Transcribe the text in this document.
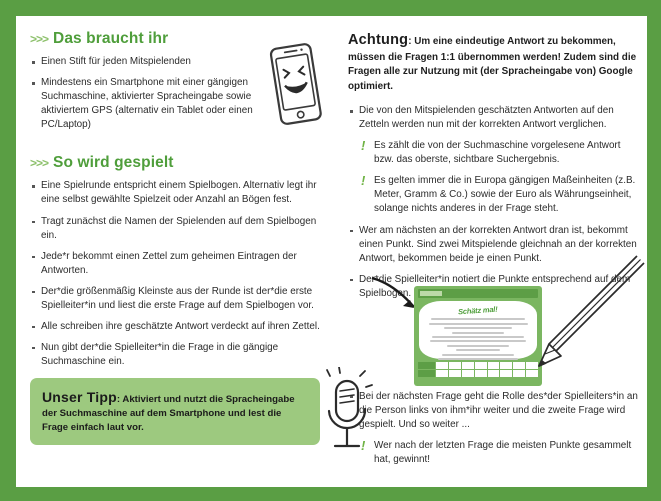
>>> Das braucht ihr
Einen Stift für jeden Mitspielenden
Mindestens ein Smartphone mit einer gängigen Suchmaschine, aktivierter Spracheingabe sowie aktiviertem GPS (alternativ ein Tablet oder einen PC/Laptop)
>>> So wird gespielt
Eine Spielrunde entspricht einem Spielbogen. Alternativ legt ihr eine selbst gewählte Spielzeit oder Anzahl an Bögen fest.
Tragt zunächst die Namen der Spielenden auf dem Spielbogen ein.
Jede*r bekommt einen Zettel zum geheimen Eintragen der Antworten.
Der*die größenmäßig Kleinste aus der Runde ist der*die erste Spielleiter*in und liest die erste Frage auf dem Spielbogen vor.
Alle schreiben ihre geschätzte Antwort verdeckt auf ihren Zettel.
Nun gibt der*die Spielleiter*in die Frage in die gängige Suchmaschine ein.
Unser Tipp: Aktiviert und nutzt die Spracheingabe der Suchmaschine auf dem Smartphone und lest die Frage einfach laut vor.

Achtung: Um eine eindeutige Antwort zu bekommen, müssen die Fragen 1:1 übernommen werden! Zudem sind die Fragen alle zur Nutzung mit (der Spracheingabe von) Google optimiert.

Die von den Mitspielenden geschätzten Antworten auf den Zetteln werden nun mit der korrekten Antwort verglichen.
! Es zählt die von der Suchmaschine vorgelesene Antwort bzw. das oberste, sichtbare Suchergebnis.
! Es gelten immer die in Europa gängigen Maßeinheiten (z.B. Meter, Gramm & Co.) sowie der Euro als Währungseinheit, solange nichts anderes in der Frage steht.
Wer am nächsten an der korrekten Antwort dran ist, bekommt einen Punkt. Sind zwei Mitspielende gleichnah an der korrekten Antwort, bekommen beide je einen Punkt.
Der*die Spielleiter*in notiert die Punkte entsprechend auf dem Spielbogen.
Schätz mal!
Bei der nächsten Frage geht die Rolle des*der Spielleiters*in an die Person links von ihm*ihr weiter und die zweite Frage wird gespielt. Und so weiter ...
! Wer nach der letzten Frage die meisten Punkte gesammelt hat, gewinnt!
